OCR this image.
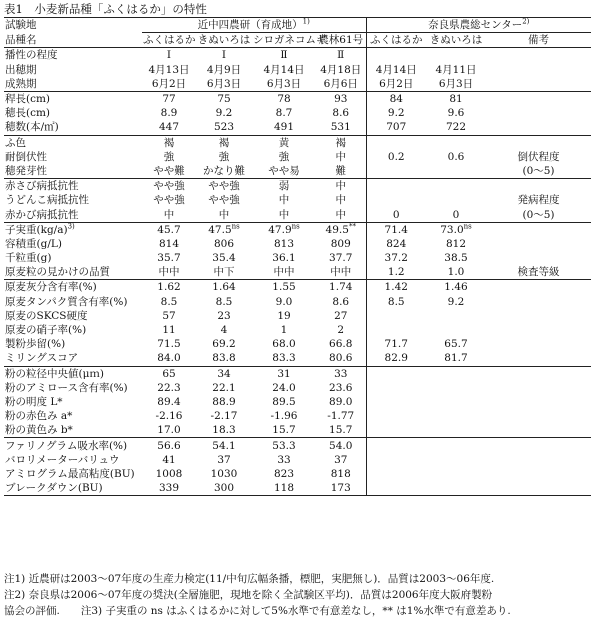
表1　小麦新品種「ふくはるか」の特性
試験地	近中四農研（育成地）$^{1)}$				奈良県農総センター$^{2)}$
品種名	ふくはるか	きぬいろは	シロガネコムギ	農林61号	ふくはるか	きぬいろは	備考
播性の程度	Ⅰ	Ⅰ	Ⅱ	Ⅱ			
出穂期	4月13日	4月9日	4月14日	4月18日	4月14日	4月11日	
成熟期	6月2日	6月3日	6月3日	6月6日	6月2日	6月3日	
稈長(cm)	77	75	78	93	84	81	
穂長(cm)	8.9	9.2	8.7	8.6	9.2	9.6	
穂数(本/㎡)	447	523	491	531	707	722	
ふ色	褐	褐	黄	褐			
耐倒伏性	強	強	強	中	0.2	0.6	倒伏程度
穂発芽性	やや難	かなり難	やや易	難			(0～5)
赤さび病抵抗性	やや強	やや強	弱	中			
うどんこ病抵抗性	やや強	やや強	中	中			発病程度
赤かび病抵抗性	中	中	中	中	0	0	(0～5)
子実重$(kg/a)^{3)}$	45.7	$47.5^{ns}$	$47.9^{ns}$	49.5**	71.4	$73.0^{ns}$	
容積重(g/L)	814	806	813	809	824	812	
千粒重(g)	35.7	35.4	36.1	37.7	37.2	38.5	
原麦粒の見かけの品質	中中	中下	中中	中中	1.2	1.0	検査等級
原麦灰分含有率(%)	1.62	1.64	1.55	1.74	1.42	1.46	
原麦タンパク質含有率(%)	8.5	8.5	9.0	8.6	8.5	9.2	
原麦のSKCS硬度	57	23	19	27			
原麦の硝子率(%)	11	4	1	2			
製粉歩留(%)	71.5	69.2	68.0	66.8	71.7	65.7	
ミリングスコア	84.0	83.8	83.3	80.6	82.9	81.7	
粉の粒径中央値(μｍ)	65	34	31	33			
粉のアミロース含有率(%)	22.3	22.1	24.0	23.6			
粉の明度 L*	89.4	88.9	89.5	89.0			
粉の赤色み a*	-2.16	-2.17	-1.96	-1.77			
粉の黄色み b*	17.0	18.3	15.7	15.7			
ファリノグラム吸水率(%)	56.6	54.1	53.3	54.0			
バロリメーターバリュウ	41	37	33	37			
アミログラム最高粘度(BU)	1008	1030	823	818			
ブレークダウン(BU)	339	300	118	173			
注1) 近農研は2003～07年度の生産力検定(11/中旬広幅条播，標肥，実肥無し)．品質は2003～06年度.
注2) 奈良県は2006～07年度の奨決(全層施肥，現地を除く全試験区平均)．品質は2006年度大阪府製粉
協会の評価.　　注3) 子実重の ns はふくはるかに対して5%水準で有意差なし，** は1%水準で有意差あり.
